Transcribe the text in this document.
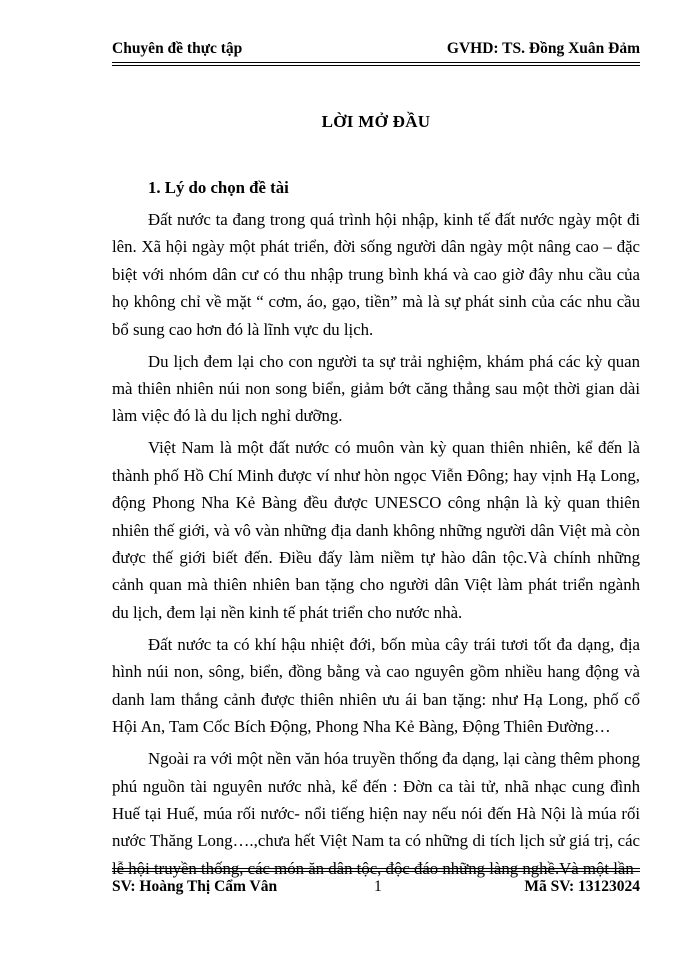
Chuyên đề thực tập	GVHD: TS. Đồng Xuân Đảm
LỜI MỞ ĐẦU

1. Lý do chọn đề tài

Đất nước ta đang trong quá trình hội nhập, kinh tế đất nước ngày một đi lên. Xã hội ngày một phát triển, đời sống người dân ngày một nâng cao – đặc biệt với nhóm dân cư có thu nhập trung bình khá và cao giờ đây nhu cầu của họ không chỉ về mặt “ cơm, áo, gạo, tiền” mà là sự phát sinh của các nhu cầu bổ sung cao hơn đó là lĩnh vực du lịch.

Du lịch đem lại cho con người ta sự trải nghiệm, khám phá các kỳ quan mà thiên nhiên núi non song biển, giảm bớt căng thẳng sau một thời gian dài làm việc đó là du lịch nghỉ dưỡng.

Việt Nam là một đất nước có muôn vàn kỳ quan thiên nhiên, kể đến là thành phố Hồ Chí Minh được ví như hòn ngọc Viễn Đông; hay vịnh Hạ Long, động Phong Nha Kẻ Bàng đều được UNESCO công nhận là kỳ quan thiên nhiên thế giới, và vô vàn những địa danh không những người dân Việt mà còn được thế giới biết đến. Điều đấy làm niềm tự hào dân tộc.Và chính những cảnh quan mà thiên nhiên ban tặng cho người dân Việt làm phát triển ngành du lịch, đem lại nền kinh tế phát triển cho nước nhà.

Đất nước ta có khí hậu nhiệt đới, bốn mùa cây trái tươi tốt đa dạng, địa hình núi non, sông, biển, đồng bằng và cao nguyên gồm nhiều hang động và danh lam thắng cảnh được thiên nhiên ưu ái ban tặng: như Hạ Long, phố cổ Hội An, Tam Cốc Bích Động, Phong Nha Kẻ Bàng, Động Thiên Đường…

Ngoài ra với một nền văn hóa truyền thống đa dạng, lại càng thêm phong phú nguồn tài nguyên nước nhà, kể đến : Đờn ca tài tử, nhã nhạc cung đình Huế tại Huế, múa rối nước- nổi tiếng hiện nay nếu nói đến Hà Nội là múa rối nước Thăng Long….,chưa hết Việt Nam ta có những di tích lịch sử giá trị, các lễ hội truyền thống, các món ăn dân tộc, độc đáo những làng nghề.Và một lần

SV: Hoàng Thị Cẩm Vân	1	Mã SV: 13123024
